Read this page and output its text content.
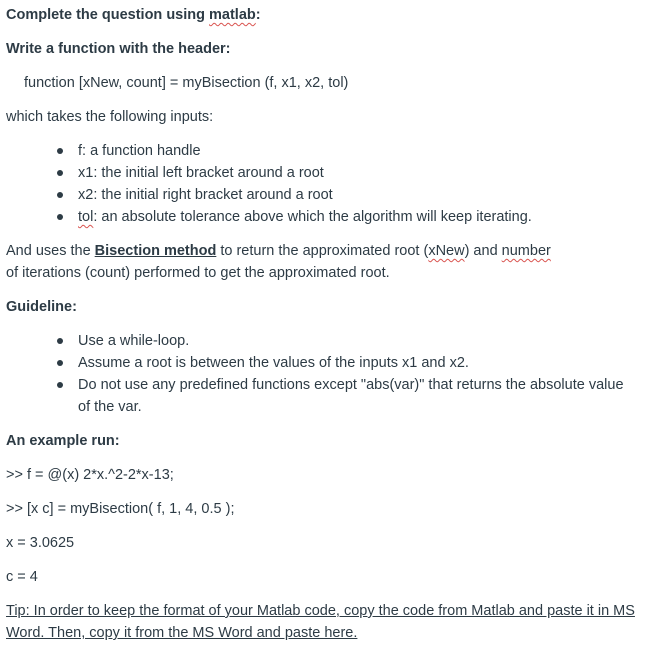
Complete the question using matlab:

Write a function with the header:

function [xNew, count] = myBisection (f, x1, x2, tol)

which takes the following inputs:

f: a function handle
x1: the initial left bracket around a root
x2: the initial right bracket around a root
tol: an absolute tolerance above which the algorithm will keep iterating.

And uses the Bisection method to return the approximated root (xNew) and number of iterations (count) performed to get the approximated root.

Guideline:

Use a while-loop.
Assume a root is between the values of the inputs x1 and x2.
Do not use any predefined functions except "abs(var)" that returns the absolute value of the var.

An example run:

>> f = @(x) 2*x.^2-2*x-13;

>> [x c] = myBisection( f, 1, 4, 0.5 );

x = 3.0625

c = 4

Tip: In order to keep the format of your Matlab code, copy the code from Matlab and paste it in MS Word. Then, copy it from the MS Word and paste here.
